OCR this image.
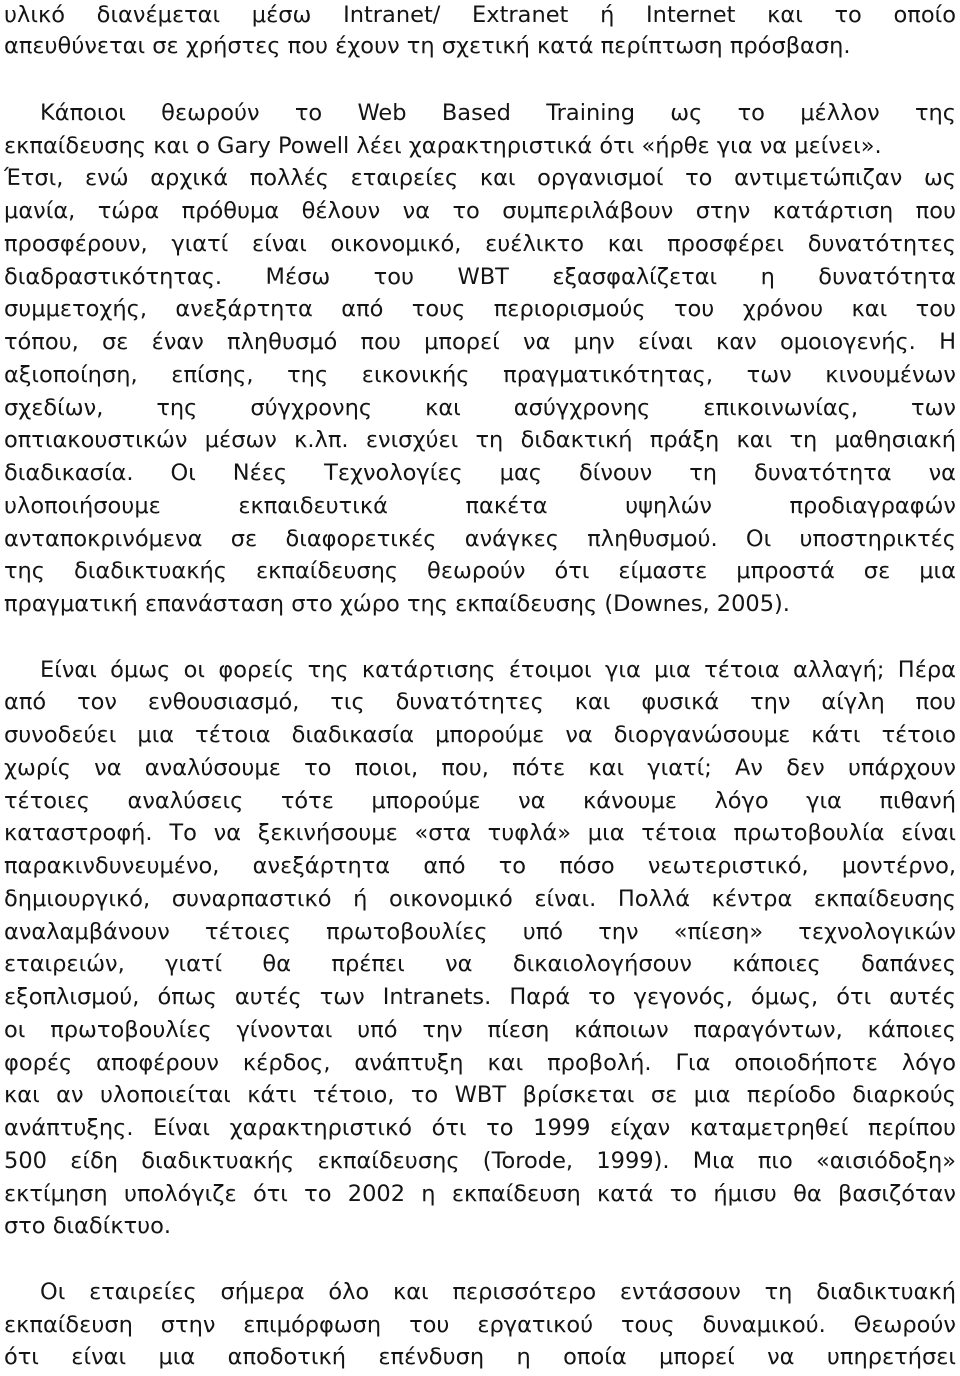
υλικό διανέμεται μέσω Intranet/ Extranet ή Internet και το οποίο
απευθύνεται σε χρήστες που έχουν τη σχετική κατά περίπτωση πρόσβαση.
Κάποιοι θεωρούν το Web Based Training ως το μέλλον της
εκπαίδευσης και ο Gary Powell λέει χαρακτηριστικά ότι «ήρθε για να μείνει».
Έτσι, ενώ αρχικά πολλές εταιρείες και οργανισμοί το αντιμετώπιζαν ως
μανία, τώρα πρόθυμα θέλουν να το συμπεριλάβουν στην κατάρτιση που
προσφέρουν, γιατί είναι οικονομικό, ευέλικτο και προσφέρει δυνατότητες
διαδραστικότητας. Μέσω του WBT εξασφαλίζεται η δυνατότητα
συμμετοχής, ανεξάρτητα από τους περιορισμούς του χρόνου και του
τόπου, σε έναν πληθυσμό που μπορεί να μην είναι καν ομοιογενής. Η
αξιοποίηση, επίσης, της εικονικής πραγματικότητας, των κινουμένων
σχεδίων, της σύγχρονης και ασύγχρονης επικοινωνίας, των
οπτιακουστικών μέσων κ.λπ. ενισχύει τη διδακτική πράξη και τη μαθησιακή
διαδικασία. Οι Νέες Τεχνολογίες μας δίνουν τη δυνατότητα να
υλοποιήσουμε εκπαιδευτικά πακέτα υψηλών προδιαγραφών
ανταποκρινόμενα σε διαφορετικές ανάγκες πληθυσμού. Οι υποστηρικτές
της διαδικτυακής εκπαίδευσης θεωρούν ότι είμαστε μπροστά σε μια
πραγματική επανάσταση στο χώρο της εκπαίδευσης (Downes, 2005).
Είναι όμως οι φορείς της κατάρτισης έτοιμοι για μια τέτοια αλλαγή; Πέρα
από τον ενθουσιασμό, τις δυνατότητες και φυσικά την αίγλη που
συνοδεύει μια τέτοια διαδικασία μπορούμε να διοργανώσουμε κάτι τέτοιο
χωρίς να αναλύσουμε το ποιοι, που, πότε και γιατί; Αν δεν υπάρχουν
τέτοιες αναλύσεις τότε μπορούμε να κάνουμε λόγο για πιθανή
καταστροφή. Το να ξεκινήσουμε «στα τυφλά» μια τέτοια πρωτοβουλία είναι
παρακινδυνευμένο, ανεξάρτητα από το πόσο νεωτεριστικό, μοντέρνο,
δημιουργικό, συναρπαστικό ή οικονομικό είναι. Πολλά κέντρα εκπαίδευσης
αναλαμβάνουν τέτοιες πρωτοβουλίες υπό την «πίεση» τεχνολογικών
εταιρειών, γιατί θα πρέπει να δικαιολογήσουν κάποιες δαπάνες
εξοπλισμού, όπως αυτές των Intranets. Παρά το γεγονός, όμως, ότι αυτές
οι πρωτοβουλίες γίνονται υπό την πίεση κάποιων παραγόντων, κάποιες
φορές αποφέρουν κέρδος, ανάπτυξη και προβολή. Για οποιοδήποτε λόγο
και αν υλοποιείται κάτι τέτοιο, το WBT βρίσκεται σε μια περίοδο διαρκούς
ανάπτυξης. Είναι χαρακτηριστικό ότι το 1999 είχαν καταμετρηθεί περίπου
500 είδη διαδικτυακής εκπαίδευσης (Torode, 1999). Μια πιο «αισιόδοξη»
εκτίμηση υπολόγιζε ότι το 2002 η εκπαίδευση κατά το ήμισυ θα βασιζόταν
στο διαδίκτυο.
Οι εταιρείες σήμερα όλο και περισσότερο εντάσσουν τη διαδικτυακή
εκπαίδευση στην επιμόρφωση του εργατικού τους δυναμικού. Θεωρούν
ότι είναι μια αποδοτική επένδυση η οποία μπορεί να υπηρετήσει
